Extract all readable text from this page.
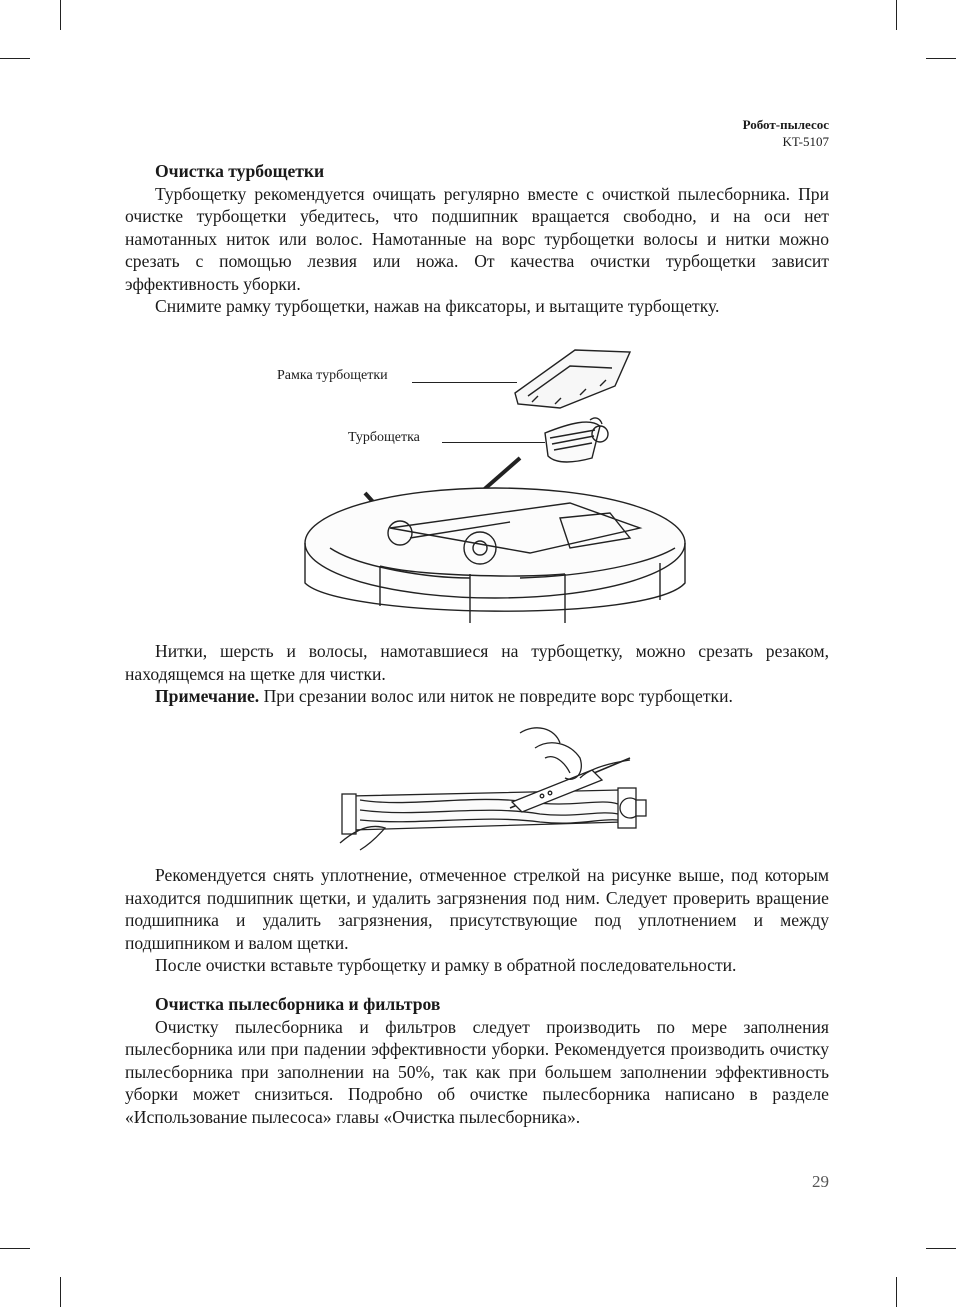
Робот-пылесос
KT-5107
Очистка турбощетки

Турбощетку рекомендуется очищать регулярно вместе с очисткой пылесборника. При очистке турбощетки убедитесь, что подшипник вращается свободно, и на оси нет намотанных ниток или волос. Намотанные на ворс турбощетки волосы и нитки можно срезать с помощью лезвия или ножа. От качества очистки турбощетки зависит эффективность уборки.

Снимите рамку турбощетки, нажав на фиксаторы, и вытащите турбощетку.

Рамка турбощетки
Турбощетка

Нитки, шерсть и волосы, намотавшиеся на турбощетку, можно срезать резаком, находящемся на щетке для чистки.

Примечание. При срезании волос или ниток не повредите ворс турбощетки.

Рекомендуется снять уплотнение, отмеченное стрелкой на рисунке выше, под которым находится подшипник щетки, и удалить загрязнения под ним. Следует проверить вращение подшипника и удалить загрязнения, присутствующие под уплотнением и между подшипником и валом щетки.

После очистки вставьте турбощетку и рамку в обратной последовательности.

Очистка пылесборника и фильтров

Очистку пылесборника и фильтров следует производить по мере заполнения пылесборника или при падении эффективности уборки. Рекомендуется производить очистку пылесборника при заполнении на 50%, так как при большем заполнении эффективность уборки может снизиться. Подробно об очистке пылесборника написано в разделе «Использование пылесоса» главы «Очистка пылесборника».

29
